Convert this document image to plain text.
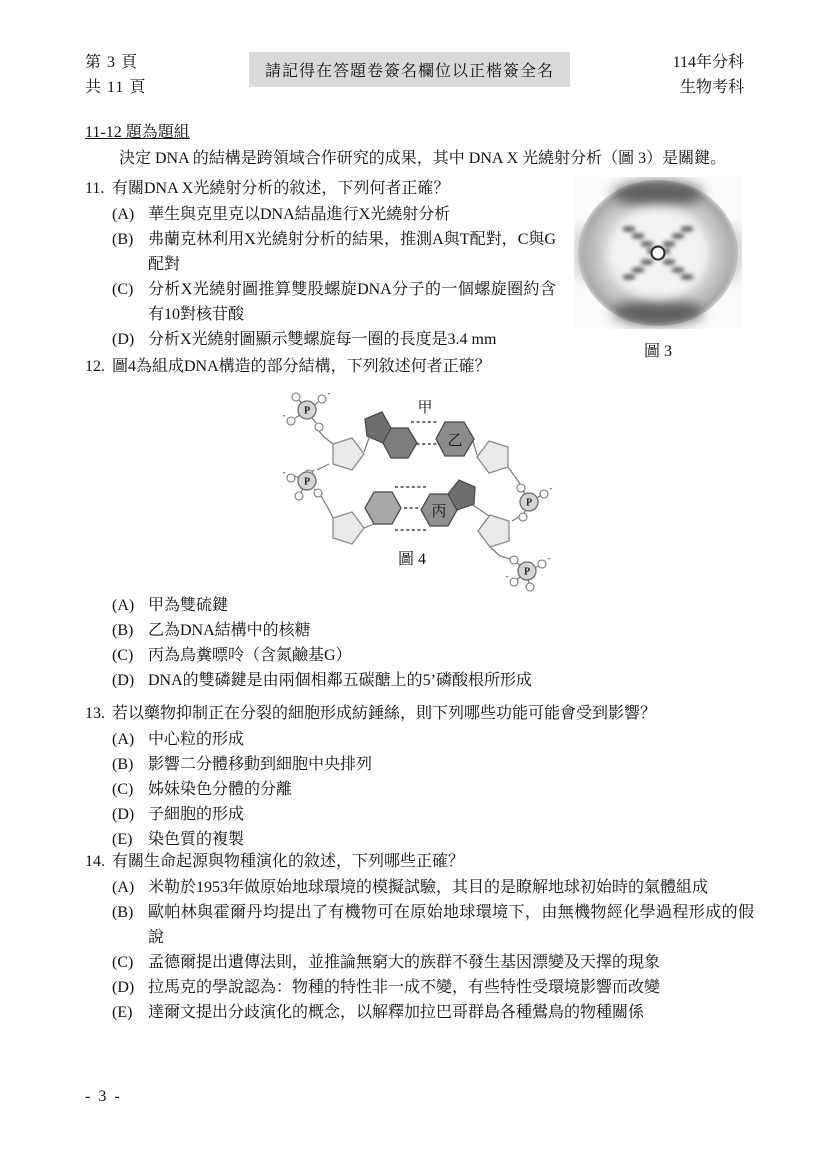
第 3 頁
共 11 頁
請記得在答題卷簽名欄位以正楷簽全名
114年分科
生物考科
11-12 題為題組
決定 DNA 的結構是跨領域合作研究的成果，其中 DNA X 光繞射分析（圖 3）是關鍵。
圖 3
11. 有關DNA X光繞射分析的敘述，下列何者正確？
(A) 華生與克里克以DNA結晶進行X光繞射分析
(B) 弗蘭克林利用X光繞射分析的結果，推測A與T配對，C與G配對
(C) 分析X光繞射圖推算雙股螺旋DNA分子的一個螺旋圈約含有10對核苷酸
(D) 分析X光繞射圖顯示雙螺旋每一圈的長度是3.4 mm
12. 圖4為組成DNA構造的部分結構，下列敘述何者正確？
P
P
P
P
-
-
-
-
-
-
甲
乙
丙
圖 4
(A) 甲為雙硫鍵
(B) 乙為DNA結構中的核糖
(C) 丙為鳥糞嘌呤（含氮鹼基G）
(D) DNA的雙磷鍵是由兩個相鄰五碳醣上的5’磷酸根所形成
13. 若以藥物抑制正在分裂的細胞形成紡錘絲，則下列哪些功能可能會受到影響？
(A) 中心粒的形成
(B) 影響二分體移動到細胞中央排列
(C) 姊妹染色分體的分離
(D) 子細胞的形成
(E) 染色質的複製
14. 有關生命起源與物種演化的敘述，下列哪些正確？
(A) 米勒於1953年做原始地球環境的模擬試驗，其目的是瞭解地球初始時的氣體組成
(B) 歐帕林與霍爾丹均提出了有機物可在原始地球環境下，由無機物經化學過程形成的假說
(C) 孟德爾提出遺傳法則，並推論無窮大的族群不發生基因漂變及天擇的現象
(D) 拉馬克的學說認為：物種的特性非一成不變，有些特性受環境影響而改變
(E) 達爾文提出分歧演化的概念，以解釋加拉巴哥群島各種鷽鳥的物種關係
- 3 -
